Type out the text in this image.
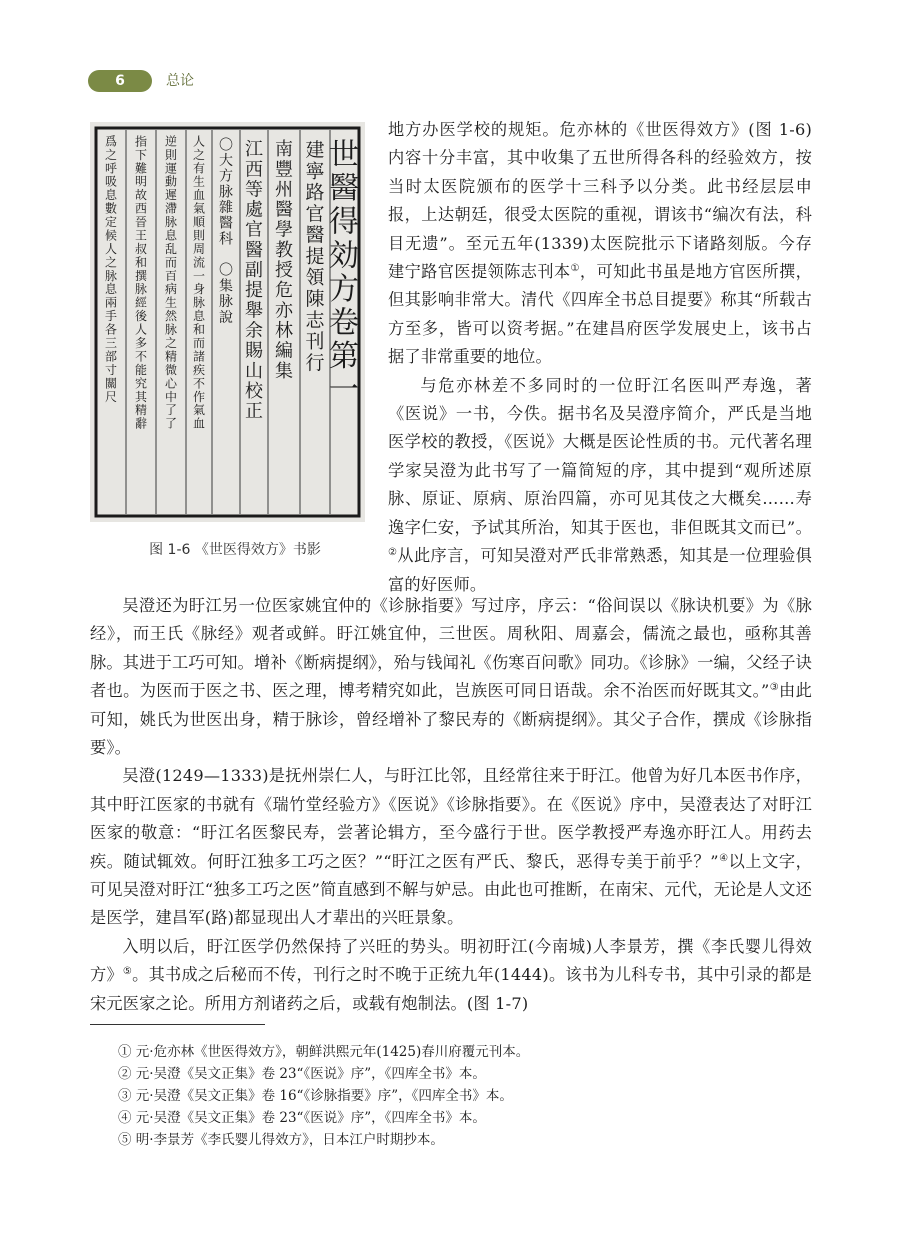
6	总论
世醫得効方卷第一
建寧路官醫提領陳志刊行
南豐州醫學教授危亦林編集
江西等處官醫副提舉余賜山校正
〇大方脉雜醫科　〇集脉說
人之有生血氣順則周流一身脉息和而諸疾不作氣血
逆則運動遲滯脉息乱而百病生然脉之精微心中了了
指下難明故西晉王叔和撰脉經後人多不能究其精辭
爲之呼吸息數定候人之脉息兩手各三部寸關尺
图 1-6 《世医得效方》书影

地方办医学校的规矩。危亦林的《世医得效方》(图 1-6) 内容十分丰富，其中收集了五世所得各科的经验效方，按当时太医院颁布的医学十三科予以分类。此书经层层申报，上达朝廷，很受太医院的重视，谓该书“编次有法，科目无遗”。至元五年(1339)太医院批示下诸路刻版。今存建宁路官医提领陈志刊本①，可知此书虽是地方官医所撰，但其影响非常大。清代《四库全书总目提要》称其“所载古方至多，皆可以资考据。”在建昌府医学发展史上，该书占据了非常重要的地位。

与危亦林差不多同时的一位盱江名医叫严寿逸，著《医说》一书，今佚。据书名及吴澄序简介，严氏是当地医学校的教授，《医说》大概是医论性质的书。元代著名理学家吴澄为此书写了一篇简短的序，其中提到“观所述原脉、原证、原病、原治四篇，亦可见其伎之大概矣……寿逸字仁安，予试其所治，知其于医也，非但既其文而已”。②从此序言，可知吴澄对严氏非常熟悉，知其是一位理验俱富的好医师。

吴澄还为盱江另一位医家姚宜仲的《诊脉指要》写过序，序云：“俗间误以《脉诀机要》为《脉经》，而王氏《脉经》观者或鲜。盱江姚宜仲，三世医。周秋阳、周嘉会，儒流之最也，亟称其善脉。其进于工巧可知。增补《断病提纲》，殆与钱闻礼《伤寒百问歌》同功。《诊脉》一编，父经子诀者也。为医而于医之书、医之理，博考精究如此，岂族医可同日语哉。余不治医而好既其文。”③由此可知，姚氏为世医出身，精于脉诊，曾经增补了黎民寿的《断病提纲》。其父子合作，撰成《诊脉指要》。

吴澄(1249—1333)是抚州崇仁人，与盱江比邻，且经常往来于盱江。他曾为好几本医书作序，其中盱江医家的书就有《瑞竹堂经验方》《医说》《诊脉指要》。在《医说》序中，吴澄表达了对盱江医家的敬意：“盱江名医黎民寿，尝著论辑方，至今盛行于世。医学教授严寿逸亦盱江人。用药去疾。随试辄效。何盱江独多工巧之医？”“盱江之医有严氏、黎氏，恶得专美于前乎？”④以上文字，可见吴澄对盱江“独多工巧之医”简直感到不解与妒忌。由此也可推断，在南宋、元代，无论是人文还是医学，建昌军(路)都显现出人才辈出的兴旺景象。

入明以后，盱江医学仍然保持了兴旺的势头。明初盱江(今南城)人李景芳，撰《李氏婴儿得效方》⑤。其书成之后秘而不传，刊行之时不晚于正统九年(1444)。该书为儿科专书，其中引录的都是宋元医家之论。所用方剂诸药之后，或载有炮制法。(图 1-7)

① 元·危亦林《世医得效方》，朝鲜洪熙元年(1425)春川府覆元刊本。
② 元·吴澄《吴文正集》卷 23“《医说》序”，《四库全书》本。
③ 元·吴澄《吴文正集》卷 16“《诊脉指要》序”，《四库全书》本。
④ 元·吴澄《吴文正集》卷 23“《医说》序”，《四库全书》本。
⑤ 明·李景芳《李氏婴儿得效方》，日本江户时期抄本。
